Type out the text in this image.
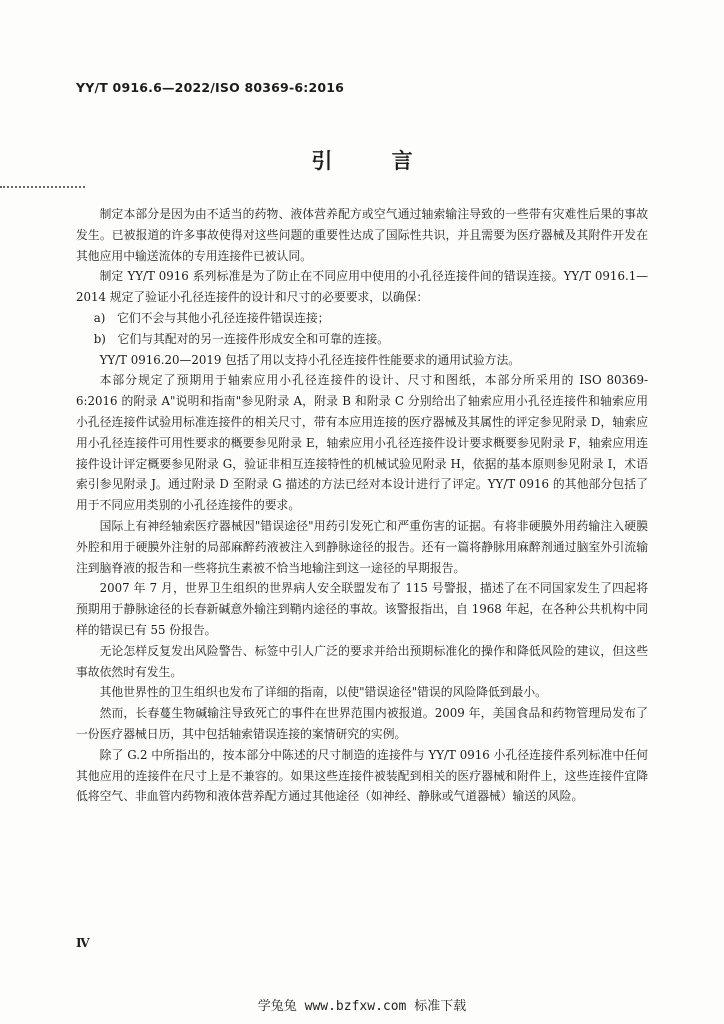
YY/T 0916.6—2022/ISO 80369-6:2016
引 言

制定本部分是因为由不适当的药物、液体营养配方或空气通过轴索输注导致的一些带有灾难性后果的事故发生。已被报道的许多事故使得对这些问题的重要性达成了国际性共识，并且需要为医疗器械及其附件开发在其他应用中输送流体的专用连接件已被认同。

制定 YY/T 0916 系列标准是为了防止在不同应用中使用的小孔径连接件间的错误连接。YY/T 0916.1—2014 规定了验证小孔径连接件的设计和尺寸的必要要求，以确保：

a)　它们不会与其他小孔径连接件错误连接；

b)　它们与其配对的另一连接件形成安全和可靠的连接。

YY/T 0916.20—2019 包括了用以支持小孔径连接件性能要求的通用试验方法。

本部分规定了预期用于轴索应用小孔径连接件的设计、尺寸和图纸，本部分所采用的 ISO 80369-6:2016 的附录 A"说明和指南"参见附录 A，附录 B 和附录 C 分别给出了轴索应用小孔径连接件和轴索应用小孔径连接件试验用标准连接件的相关尺寸，带有本应用连接的医疗器械及其属性的评定参见附录 D，轴索应用小孔径连接件可用性要求的概要参见附录 E，轴索应用小孔径连接件设计要求概要参见附录 F，轴索应用连接件设计评定概要参见附录 G，验证非相互连接特性的机械试验见附录 H，依据的基本原则参见附录 I，术语索引参见附录 J。通过附录 D 至附录 G 描述的方法已经对本设计进行了评定。YY/T 0916 的其他部分包括了用于不同应用类别的小孔径连接件的要求。

国际上有神经轴索医疗器械因"错误途径"用药引发死亡和严重伤害的证据。有将非硬膜外用药输注入硬膜外腔和用于硬膜外注射的局部麻醉药液被注入到静脉途径的报告。还有一篇将静脉用麻醉剂通过脑室外引流输注到脑脊液的报告和一些将抗生素被不恰当地输注到这一途径的早期报告。

2007 年 7 月，世界卫生组织的世界病人安全联盟发布了 115 号警报，描述了在不同国家发生了四起将预期用于静脉途径的长春新碱意外输注到鞘内途径的事故。该警报指出，自 1968 年起，在各种公共机构中同样的错误已有 55 份报告。

无论怎样反复发出风险警告、标签中引人广泛的要求并给出预期标准化的操作和降低风险的建议，但这些事故依然时有发生。

其他世界性的卫生组织也发布了详细的指南，以使"错误途径"错误的风险降低到最小。

然而，长春蔓生物碱输注导致死亡的事件在世界范围内被报道。2009 年，美国食品和药物管理局发布了一份医疗器械日历，其中包括轴索错误连接的案情研究的实例。

除了 G.2 中所指出的，按本部分中陈述的尺寸制造的连接件与 YY/T 0916 小孔径连接件系列标准中任何其他应用的连接件在尺寸上是不兼容的。如果这些连接件被装配到相关的医疗器械和附件上，这些连接件宜降低将空气、非血管内药物和液体营养配方通过其他途径（如神经、静脉或气道器械）输送的风险。

Ⅳ
学兔兔 www.bzfxw.com 标准下载
